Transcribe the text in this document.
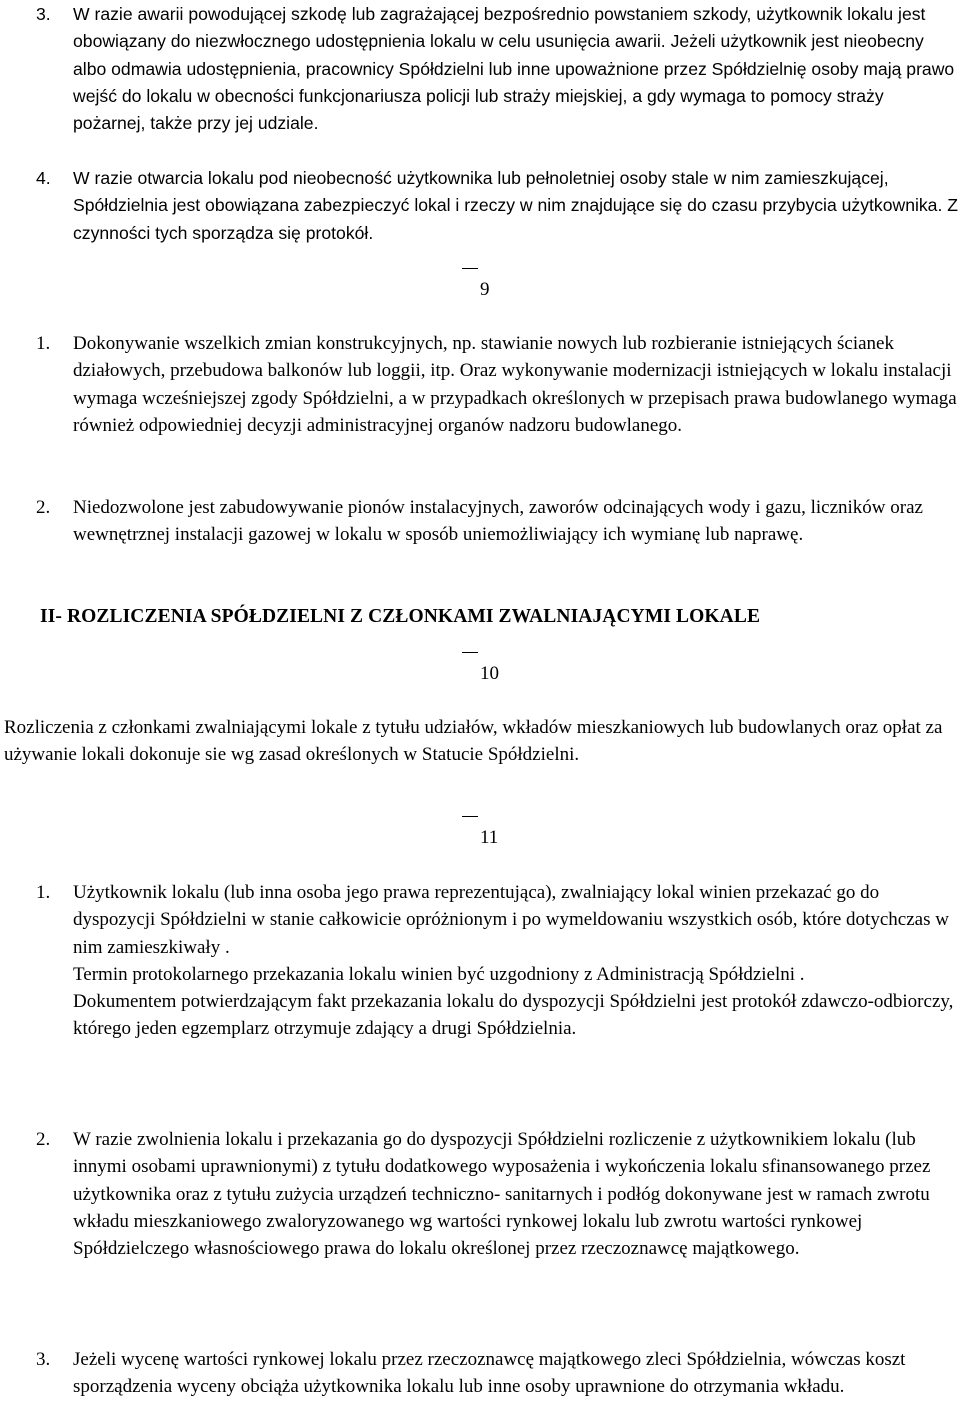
3.	W razie awarii powodującej szkodę lub zagrażającej bezpośrednio powstaniem szkody, użytkownik lokalu jest obowiązany do niezwłocznego udostępnienia lokalu w celu usunięcia awarii. Jeżeli użytkownik jest nieobecny albo odmawia udostępnienia, pracownicy Spółdzielni lub inne upoważnione przez Spółdzielnię osoby mają prawo wejść do lokalu w obecności funkcjonariusza policji lub straży miejskiej, a gdy wymaga to pomocy straży pożarnej, także przy jej udziale.
4.	W razie otwarcia lokalu pod nieobecność użytkownika lub pełnoletniej osoby stale w nim zamieszkującej, Spółdzielnia jest obowiązana zabezpieczyć lokal i rzeczy w nim znajdujące się do czasu przybycia użytkownika. Z czynności tych sporządza się protokół.
9
1.	Dokonywanie wszelkich zmian konstrukcyjnych, np. stawianie nowych lub rozbieranie istniejących ścianek działowych, przebudowa balkonów lub loggii, itp. Oraz wykonywanie modernizacji istniejących w lokalu instalacji wymaga wcześniejszej zgody Spółdzielni, a w przypadkach określonych w przepisach prawa budowlanego wymaga również odpowiedniej decyzji administracyjnej organów nadzoru budowlanego.
2.	Niedozwolone jest zabudowywanie pionów instalacyjnych, zaworów odcinających wody i gazu, liczników oraz wewnętrznej instalacji gazowej w lokalu w sposób uniemożliwiający ich wymianę lub naprawę.
II- ROZLICZENIA SPÓŁDZIELNI Z CZŁONKAMI ZWALNIAJĄCYMI LOKALE
10
Rozliczenia z członkami zwalniającymi lokale z tytułu udziałów, wkładów mieszkaniowych lub budowlanych oraz opłat za używanie lokali dokonuje sie wg zasad określonych w Statucie Spółdzielni.
11
1.	Użytkownik lokalu (lub inna osoba jego prawa reprezentująca), zwalniający lokal winien przekazać go do dyspozycji Spółdzielni w stanie całkowicie opróżnionym i po wymeldowaniu wszystkich osób, które dotychczas w nim zamieszkiwały .
Termin protokolarnego przekazania lokalu winien być uzgodniony z Administracją Spółdzielni .
Dokumentem potwierdzającym fakt przekazania lokalu do dyspozycji Spółdzielni jest protokół zdawczo-odbiorczy, którego jeden egzemplarz otrzymuje zdający a drugi Spółdzielnia.
2.	W razie zwolnienia lokalu i przekazania go do dyspozycji Spółdzielni rozliczenie z użytkownikiem lokalu (lub innymi osobami uprawnionymi) z tytułu dodatkowego wyposażenia i wykończenia lokalu sfinansowanego przez użytkownika oraz z tytułu zużycia urządzeń techniczno- sanitarnych i podłóg dokonywane jest w ramach zwrotu wkładu mieszkaniowego zwaloryzowanego wg wartości rynkowej lokalu lub zwrotu wartości rynkowej Spółdzielczego własnościowego prawa do lokalu określonej przez rzeczoznawcę majątkowego.
3.	Jeżeli wycenę wartości rynkowej lokalu przez rzeczoznawcę majątkowego zleci Spółdzielnia, wówczas koszt sporządzenia wyceny obciąża użytkownika lokalu lub inne osoby uprawnione do otrzymania wkładu.
